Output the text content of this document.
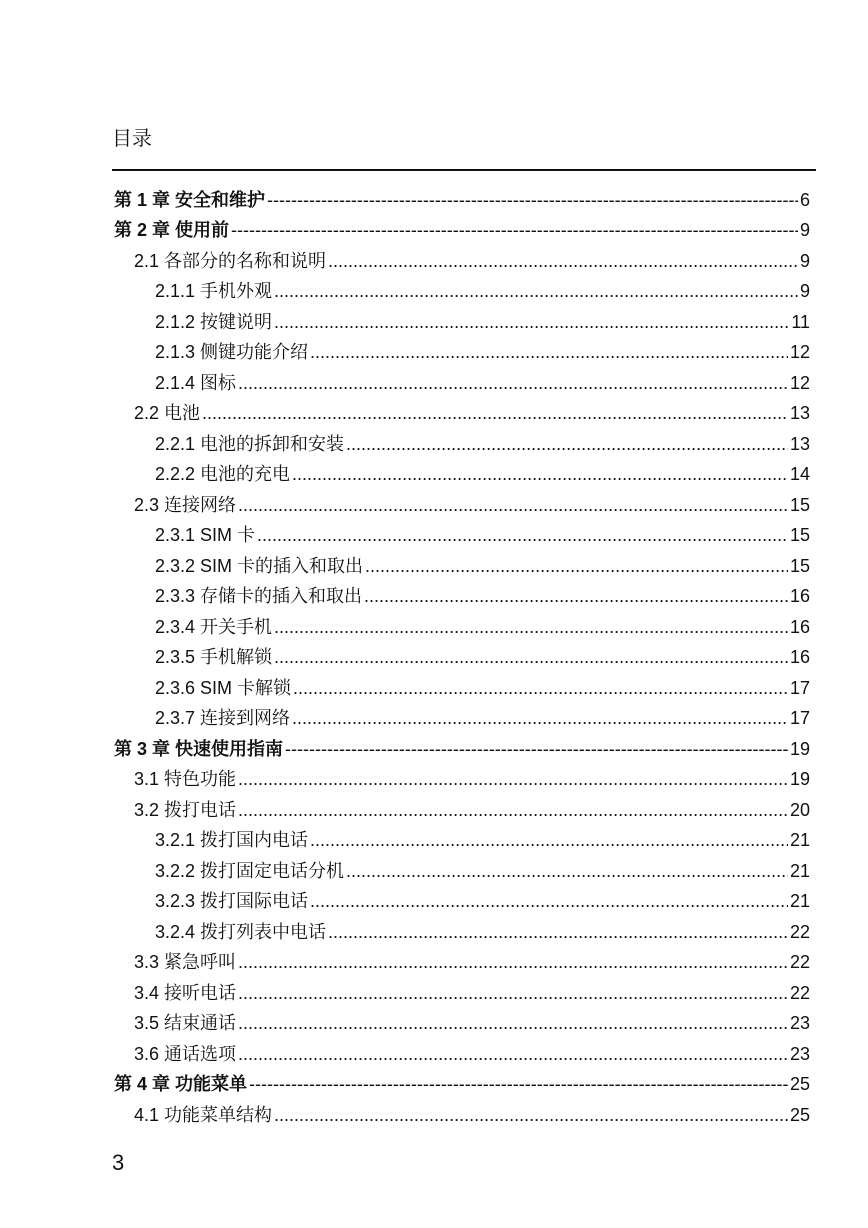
目录
第 1 章 安全和维护 -----	6
第 2 章 使用前 -----	9
2.1 各部分的名称和说明 .....	9
2.1.1 手机外观 .....	9
2.1.2 按键说明 .....	11
2.1.3 侧键功能介绍 .....	12
2.1.4 图标 .....	12
2.2 电池 .....	13
2.2.1 电池的拆卸和安装 .....	13
2.2.2 电池的充电 .....	14
2.3 连接网络 .....	15
2.3.1 SIM 卡 .....	15
2.3.2 SIM 卡的插入和取出 .....	15
2.3.3 存储卡的插入和取出 .....	16
2.3.4 开关手机 .....	16
2.3.5 手机解锁 .....	16
2.3.6 SIM 卡解锁 .....	17
2.3.7 连接到网络 .....	17
第 3 章 快速使用指南 -----	19
3.1 特色功能 .....	19
3.2 拨打电话 .....	20
3.2.1 拨打国内电话 .....	21
3.2.2 拨打固定电话分机 .....	21
3.2.3 拨打国际电话 .....	21
3.2.4 拨打列表中电话 .....	22
3.3 紧急呼叫 .....	22
3.4 接听电话 .....	22
3.5 结束通话 .....	23
3.6 通话选项 .....	23
第 4 章 功能菜单 -----	25
4.1 功能菜单结构 .....	25
3
